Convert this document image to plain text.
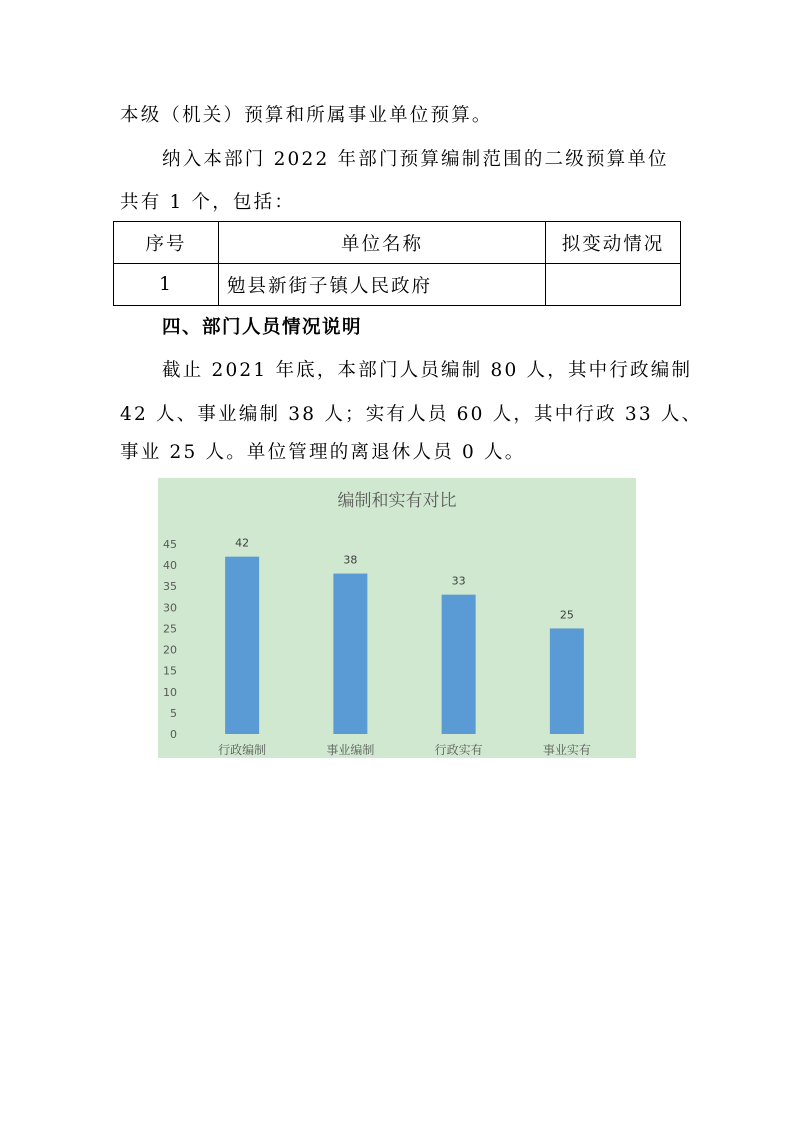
本级（机关）预算和所属事业单位预算。
纳入本部门 2022 年部门预算编制范围的二级预算单位
共有 1 个，包括：
序号	单位名称	拟变动情况
1	勉县新街子镇人民政府	
四、部门人员情况说明
截止 2021 年底，本部门人员编制 80 人，其中行政编制
42 人、事业编制 38 人；实有人员 60 人，其中行政 33 人、
事业 25 人。单位管理的离退休人员 0 人。
编制和实有对比
0
5
10
15
20
25
30
35
40
45	42
38
33
25
行政编制	事业编制	行政实有	事业实有
